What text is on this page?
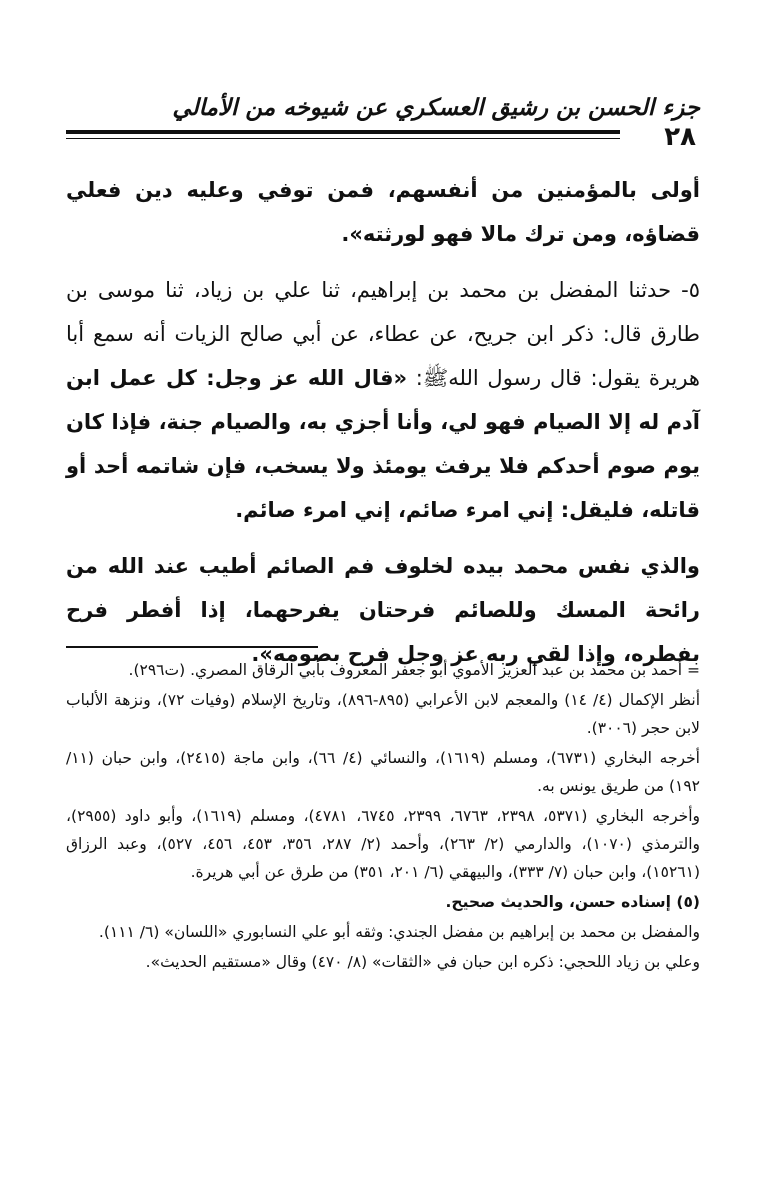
جزء الحسن بن رشيق العسكري عن شيوخه من الأمالي
٢٨

أولى بالمؤمنين من أنفسهم، فمن توفي وعليه دين فعلي قضاؤه، ومن ترك مالا فهو لورثته».

٥- حدثنا المفضل بن محمد بن إبراهيم، ثنا علي بن زياد، ثنا موسى بن طارق قال: ذكر ابن جريح، عن عطاء، عن أبي صالح الزيات أنه سمع أبا هريرة يقول: قال رسول اللهﷺ: «قال الله عز وجل: كل عمل ابن آدم له إلا الصيام فهو لي، وأنا أجزي به، والصيام جنة، فإذا كان يوم صوم أحدكم فلا يرفث يومئذ ولا يسخب، فإن شاتمه أحد أو قاتله، فليقل: إني امرء صائم، إني امرء صائم.

والذي نفس محمد بيده لخلوف فم الصائم أطيب عند الله من رائحة المسك وللصائم فرحتان يفرحهما، إذا أفطر فرح بفطره، وإذا لقي ربه عز وجل فرح بصومه».

= أحمد بن محمد بن عبد العزيز الأموي أبو جعفر المعروف بأبي الرقاق المصري. (ت٢٩٦).

أنظر الإكمال (٤/ ١٤) والمعجم لابن الأعرابي (٨٩٥-٨٩٦)، وتاريخ الإسلام (وفيات ٧٢)، ونزهة الألباب لابن حجر (٣٠٠٦).

أخرجه البخاري (٦٧٣١)، ومسلم (١٦١٩)، والنسائي (٤/ ٦٦)، وابن ماجة (٢٤١٥)، وابن حبان (١١/ ١٩٢) من طريق يونس به.

وأخرجه البخاري (٥٣٧١، ٢٣٩٨، ٦٧٦٣، ٢٣٩٩، ٦٧٤٥، ٤٧٨١)، ومسلم (١٦١٩)، وأبو داود (٢٩٥٥)، والترمذي (١٠٧٠)، والدارمي (٢/ ٢٦٣)، وأحمد (٢/ ٢٨٧، ٣٥٦، ٤٥٣، ٤٥٦، ٥٢٧)، وعبد الرزاق (١٥٢٦١)، وابن حبان (٧/ ٣٣٣)، والبيهقي (٦/ ٢٠١، ٣٥١) من طرق عن أبي هريرة.

(٥) إسناده حسن، والحديث صحيح.

والمفضل بن محمد بن إبراهيم بن مفضل الجندي: وثقه أبو علي النسابوري «اللسان» (٦/ ١١١).

وعلي بن زياد اللحجي: ذكره ابن حبان في «الثقات» (٨/ ٤٧٠) وقال «مستقيم الحديث».
